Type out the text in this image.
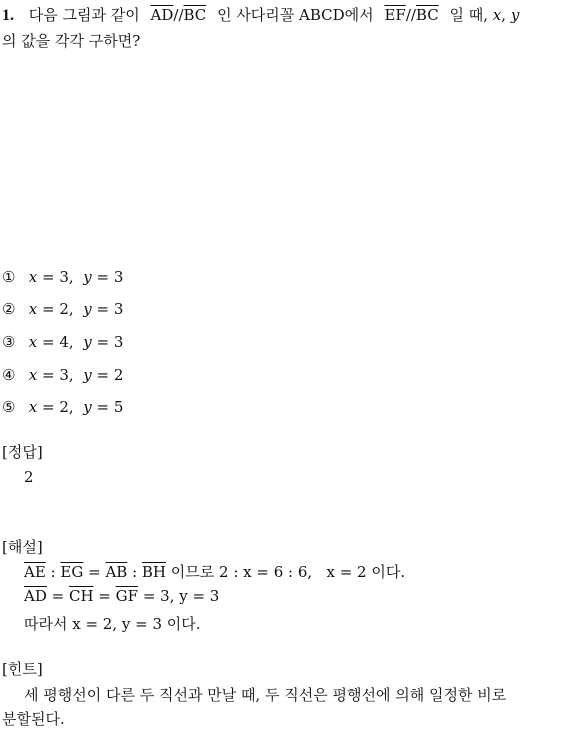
1. 다음 그림과 같이 $\overline{AD}//\overline{BC}$ 인 사다리꼴 ABCD에서 $\overline{EF}//\overline{BC}$ 일 때, x, y
의 값을 각각 구하면?
① x = 3,  y = 3
② x = 2,  y = 3
③ x = 4,  y = 3
④ x = 3,  y = 2
⑤ x = 2,  y = 5
[정답]
2
[해설]
$\overline{AE}$ : $\overline{EG} = \overline{AB}$ : $\overline{BH}$ 이므로 2 : x = 6 : 6, x = 2 이다.
$\overline{AD} = \overline{CH} = \overline{GF} = 3$, y = 3
따라서 x = 2, y = 3 이다.
[힌트]
세 평행선이 다른 두 직선과 만날 때, 두 직선은 평행선에 의해 일정한 비로
분할된다.
